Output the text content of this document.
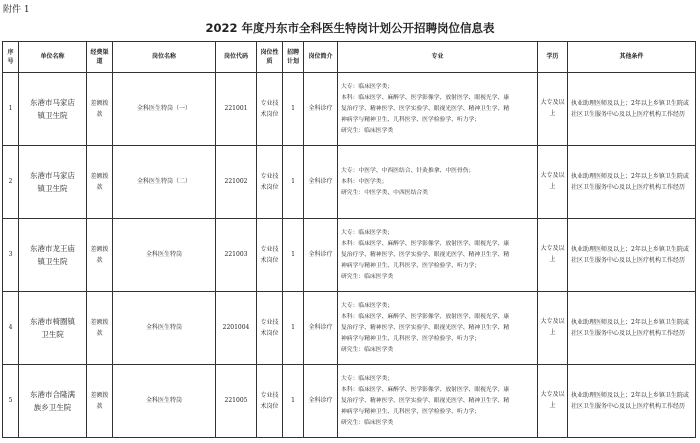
附件 1
2022 年度丹东市全科医生特岗计划公开招聘岗位信息表
序号	单位名称	经费渠道	岗位名称	岗位代码	岗位性质	招聘计划	岗位简介	专业	学历	其他条件
1	东港市马家店镇卫生院	差额拨款	全科医生特岗（一）	221001	专业技术岗位	1	全科诊疗	大专：临床医学类；
本科：临床医学、麻醉学、医学影像学、放射医学、眼视光学、康
复治疗学、精神医学、医学实验学、眼视光医学、精神卫生学、精
神病学与精神卫生、儿科医学、医学检验学、听力学；
研究生：临床医学类	大专及以上	执业助理医师及以上；2年以上乡镇卫生院或社区卫生服务中心及以上医疗机构工作经历
2	东港市马家店镇卫生院	差额拨款	全科医生特岗（二）	221002	专业技术岗位	1	全科诊疗	大专：中医学、中西医结合、针灸推拿、中医骨伤；
本科：中医学类；
研究生：中医学类、中西医结合类	大专及以上	执业助理医师及以上；2年以上乡镇卫生院或社区卫生服务中心及以上医疗机构工作经历
3	东港市龙王庙镇卫生院	差额拨款	全科医生特岗	221003	专业技术岗位	1	全科诊疗	大专：临床医学类；
本科：临床医学、麻醉学、医学影像学、放射医学、眼视光学、康
复治疗学、精神医学、医学实验学、眼视光医学、精神卫生学、精
神病学与精神卫生、儿科医学、医学检验学、听力学；
研究生：临床医学类	大专及以上	执业助理医师及以上；2年以上乡镇卫生院或社区卫生服务中心及以上医疗机构工作经历
4	东港市椅圈镇卫生院	差额拨款	全科医生特岗	2201004	专业技术岗位	1	全科诊疗	大专：临床医学类；
本科：临床医学、麻醉学、医学影像学、放射医学、眼视光学、康
复治疗学、精神医学、医学实验学、眼视光医学、精神卫生学、精
神病学与精神卫生、儿科医学、医学检验学、听力学；
研究生：临床医学类	大专及以上	执业助理医师及以上；2年以上乡镇卫生院或社区卫生服务中心及以上医疗机构工作经历
5	东港市合隆满族乡卫生院	差额拨款	全科医生特岗	221005	专业技术岗位	1	全科诊疗	大专：临床医学类；
本科：临床医学、麻醉学、医学影像学、放射医学、眼视光学、康
复治疗学、精神医学、医学实验学、眼视光医学、精神卫生学、精
神病学与精神卫生、儿科医学、医学检验学、听力学；
研究生：临床医学类	大专及以上	执业助理医师及以上；2年以上乡镇卫生院或社区卫生服务中心及以上医疗机构工作经历
